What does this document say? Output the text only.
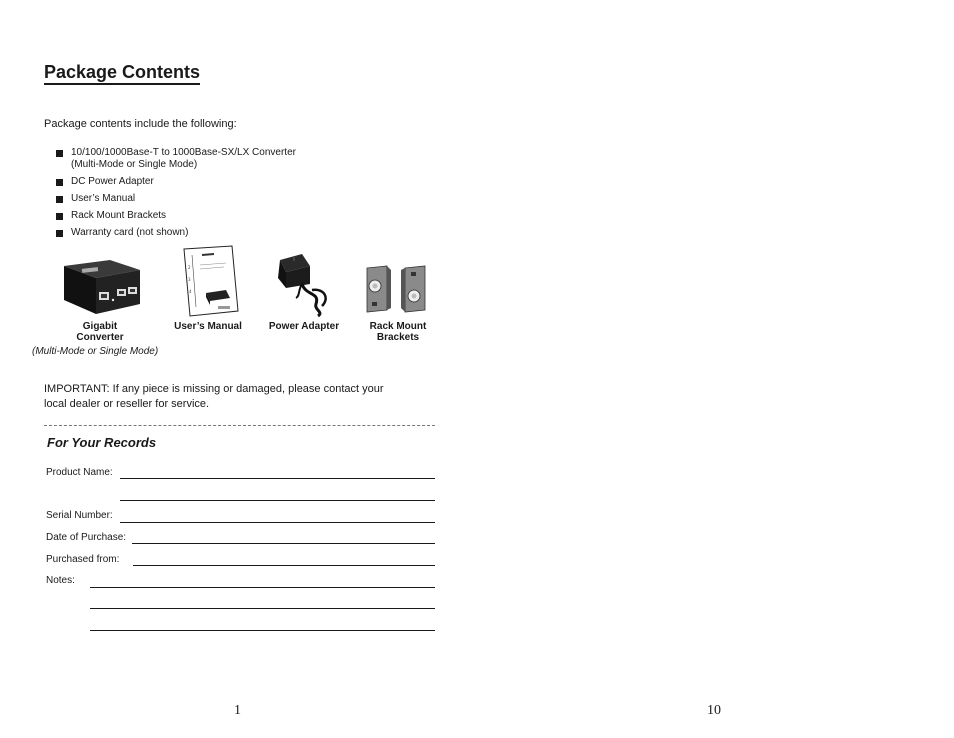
Package Contents
Package contents include the following:
10/100/1000Base-T to 1000Base-SX/LX Converter
(Multi-Mode or Single Mode)
DC Power Adapter
User’s Manual
Rack Mount Brackets
Warranty card (not shown)
Gigabit
Converter
(Multi-Mode or Single Mode)
2
3
4
User’s Manual	Power Adapter	Rack Mount
Brackets
IMPORTANT: If any piece is missing or damaged, please contact your
local dealer or reseller for service.
For Your Records
Product Name:
Serial Number:
Date of Purchase:
Purchased from:
Notes:
1	10
